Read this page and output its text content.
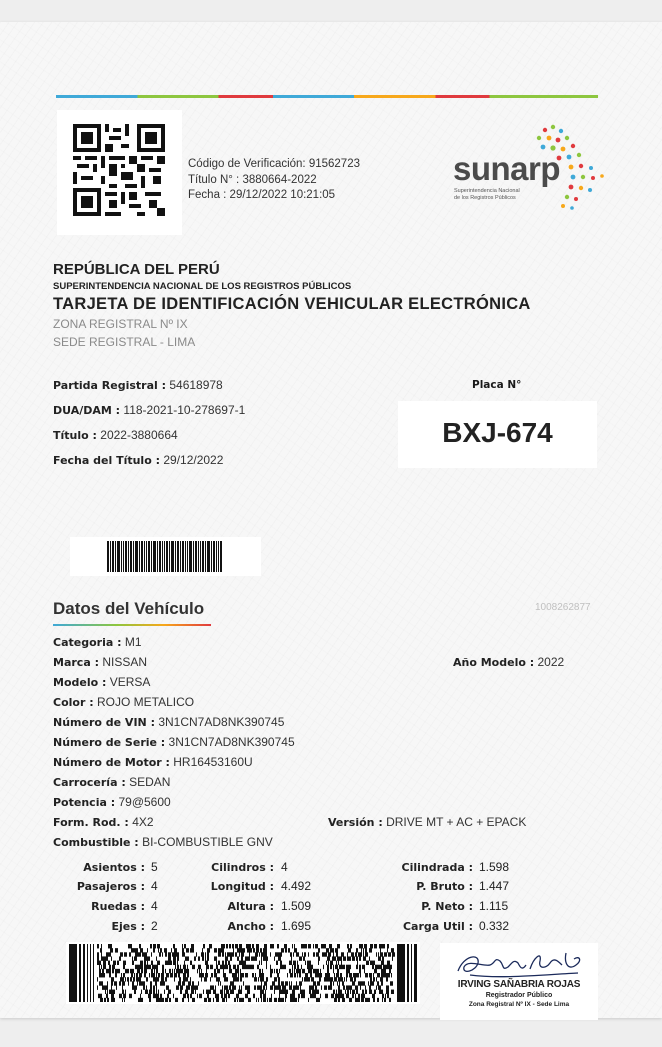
Código de Verificación: 91562723
Título N° : 3880664-2022
Fecha : 29/12/2022 10:21:05
sunarp
Superintendencia Nacional
de los Registros Públicos
REPÚBLICA DEL PERÚ
SUPERINTENDENCIA NACIONAL DE LOS REGISTROS PÚBLICOS
TARJETA DE IDENTIFICACIÓN VEHICULAR ELECTRÓNICA
ZONA REGISTRAL Nº IX
SEDE REGISTRAL - LIMA
Partida Registral : 54618978
DUA/DAM : 118-2021-10-278697-1
Título : 2022-3880664
Fecha del Título : 29/12/2022
Placa N°
BXJ-674
Datos del Vehículo	1008262877
Categoria : M1
Marca : NISSAN	Año Modelo : 2022
Modelo : VERSA
Color : ROJO METALICO
Número de VIN : 3N1CN7AD8NK390745
Número de Serie : 3N1CN7AD8NK390745
Número de Motor : HR16453160U
Carrocería : SEDAN
Potencia : 79@5600
Form. Rod. : 4X2	Versión : DRIVE MT + AC + EPACK
Combustible : BI-COMBUSTIBLE GNV
Asientos : 5	Cilindros : 4	Cilindrada : 1.598
Pasajeros : 4	Longitud : 4.492	P. Bruto : 1.447
Ruedas : 4	Altura : 1.509	P. Neto : 1.115
Ejes : 2	Ancho : 1.695	Carga Util : 0.332
IRVING SAÑABRIA ROJAS
Registrador Público
Zona Registral Nº IX - Sede Lima
